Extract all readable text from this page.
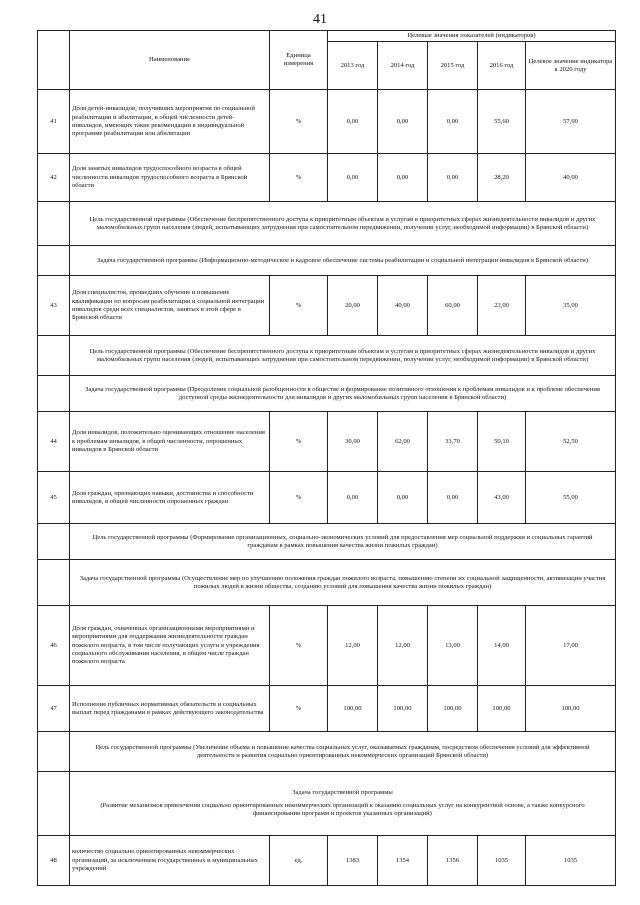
41
	Наименование	Единица измерения	Целевые значения показателей (индикаторов)				
			2013 год	2014 год	2015 год	2016 год	Целевое значение индикатора к 2020 году
41	Доля детей-инвалидов, получивших мероприятия по социальной реабилитации и абилитации, в общей численности детей- инвалидов, имеющих такие рекомендации в индивидуальной программе реабилитации или абилитации	%	0,00	0,00	0,00	55,60	57,00
42	Доля занятых инвалидов трудоспособного возраста в общей численности инвалидов трудоспособного возраста в Брянской области	%	0,00	0,00	0,00	28,20	40,00
	Цель государственной программы (Обеспечение беспрепятственного доступа к приоритетным объектам и услугам в приоритетных сферах жизнедеятельности инвалидов и других маломобильных групп населения (людей, испытывающих затруднения при самостоятельном передвижении, получении услуг, необходимой информации) в Брянской области)						
	Задача государственной программы (Информационно-методическое и кадровое обеспечение системы реабилитации и социальной интеграции инвалидов в Брянской области)						
43	Доля специалистов, прошедших обучение и повышение квалификации по вопросам реабилитации и социальной интеграции инвалидов среди всех специалистов, занятых в этой сфере в Брянской области	%	20,00	40,00	60,00	23,00	35,00
	Цель государственной программы (Обеспечение беспрепятственного доступа к приоритетным объектам и услугам в приоритетных сферах жизнедеятельности инвалидов и других маломобильных групп населения (людей, испытывающих затруднения при самостоятельном передвижении, получении услуг, необходимой информации) в Брянской области)						
	Задача государственной программы (Преодоление социальной разобщенности в обществе и формирование позитивного отношения к проблемам инвалидов и к проблеме обеспечения доступной среды жизнедеятельности для инвалидов и других маломобильных групп населения в Брянской области)						
44	Доля инвалидов, положительно оценивающих отношение населения к проблемам инвалидов, в общей численности, опрошенных инвалидов в Брянской области	%	30,00	62,00	33,70	50,10	52,50
45	Доля граждан, признающих навыки, достоинства и способности инвалидов, в общей численности опрошенных граждан	%	0,00	0,00	0,00	43,00	55,00
	Цель государственной программы (Формирование организационных, социально-экономических условий для предоставления мер социальной поддержки и социальных гарантий гражданам в рамках повышения качества жизни пожилых граждан)						
	Задача государственной программы (Осуществление мер по улучшению положения граждан пожилого возраста, повышению степени их социальной защищенности, активизации участия пожилых людей в жизни общества, созданию условий для повышения качества жизни пожилых граждан)						
46	Доля граждан, охваченных организационными мероприятиями и мероприятиями для поддержания жизнедеятельности граждан пожилого возраста, в том числе получающих услуги в учреждения социального обслуживания населения, в общем числе граждан пожилого возраста	%	12,00	12,00	13,00	14,00	17,00
47	Исполнение публичных нормативных обязательств и социальных выплат перед гражданами в рамках действующего законодательства	%	100,00	100,00	100,00	100,00	100,00
	Цель государственной программы (Увеличение объема и повышение качества социальных услуг, оказываемых гражданам, посредством обеспечения условий для эффективной деятельности и развития социально ориентированных некоммерческих организаций Брянской области)						

	Задача государственной программы
(Развитие механизмов привлечения социально ориентированных некоммерческих организаций к оказанию социальных услуг на конкурентной основе, а также конкурсного финансирования программ и проектов указанных организаций)						

48	количество социально ориентированных некоммерческих организаций, за исключением государственных и муниципальных учреждений	ед.	1383	1354	1356	1035	1035
